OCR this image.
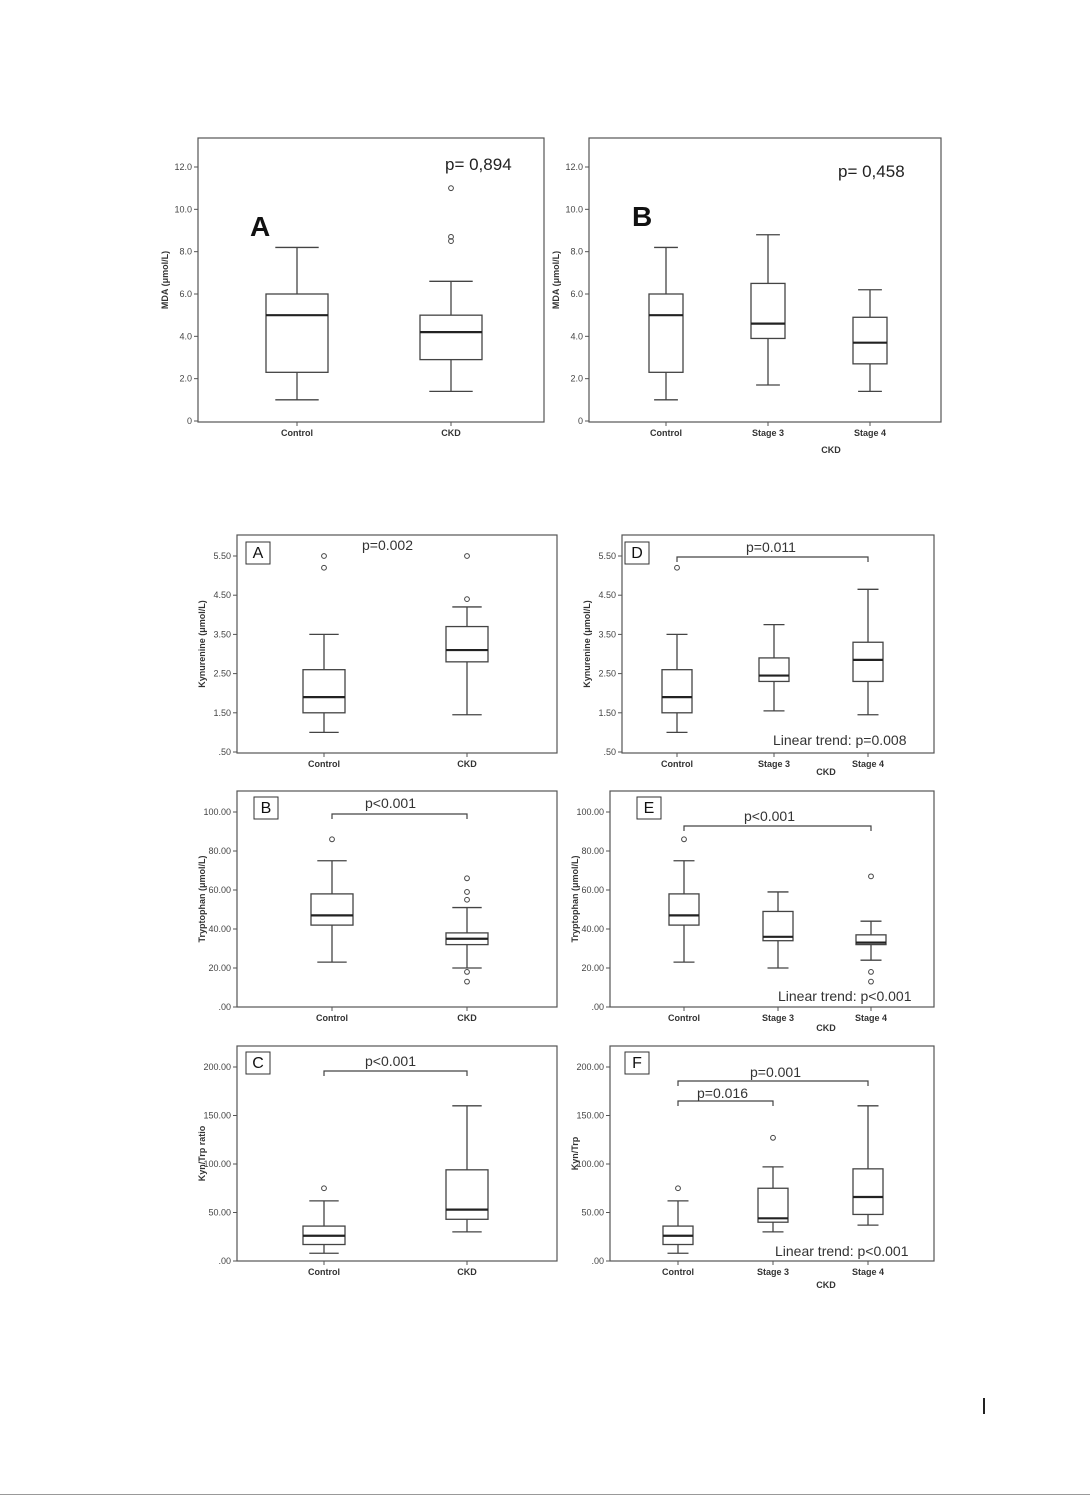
0
2.0
4.0
6.0
8.0
10.0
12.0
MDA (μmol/L)
Control	CKD
A
p= 0,894
0
2.0
4.0
6.0
8.0
10.0
12.0
MDA (μmol/L)
Control	Stage 3	Stage 4
CKD
B
p= 0,458
.50
1.50
2.50
3.50
4.50
5.50
Kynurenine (μmol/L)
Control	CKD
A	p=0.002
.50
1.50
2.50
3.50
4.50
5.50
Kynurenine (μmol/L)
Control	Stage 3	Stage 4
CKD
D	p=0.011
Linear trend: p=0.008
.00
20.00
40.00
60.00
80.00
100.00
Tryptophan (μmol/L)
Control	CKD
B	p<0.001
.00
20.00
40.00
60.00
80.00
100.00
Tryptophan (μmol/L)
Control	Stage 3	Stage 4
CKD
E	p<0.001
Linear trend: p<0.001
.00
50.00
100.00
150.00
200.00
Kyn/Trp ratio
Control	CKD
C	p<0.001
.00
50.00
100.00
150.00
200.00
Kyn/Trp
Control	Stage 3	Stage 4
CKD
F	p=0.001
p=0.016
Linear trend: p<0.001
